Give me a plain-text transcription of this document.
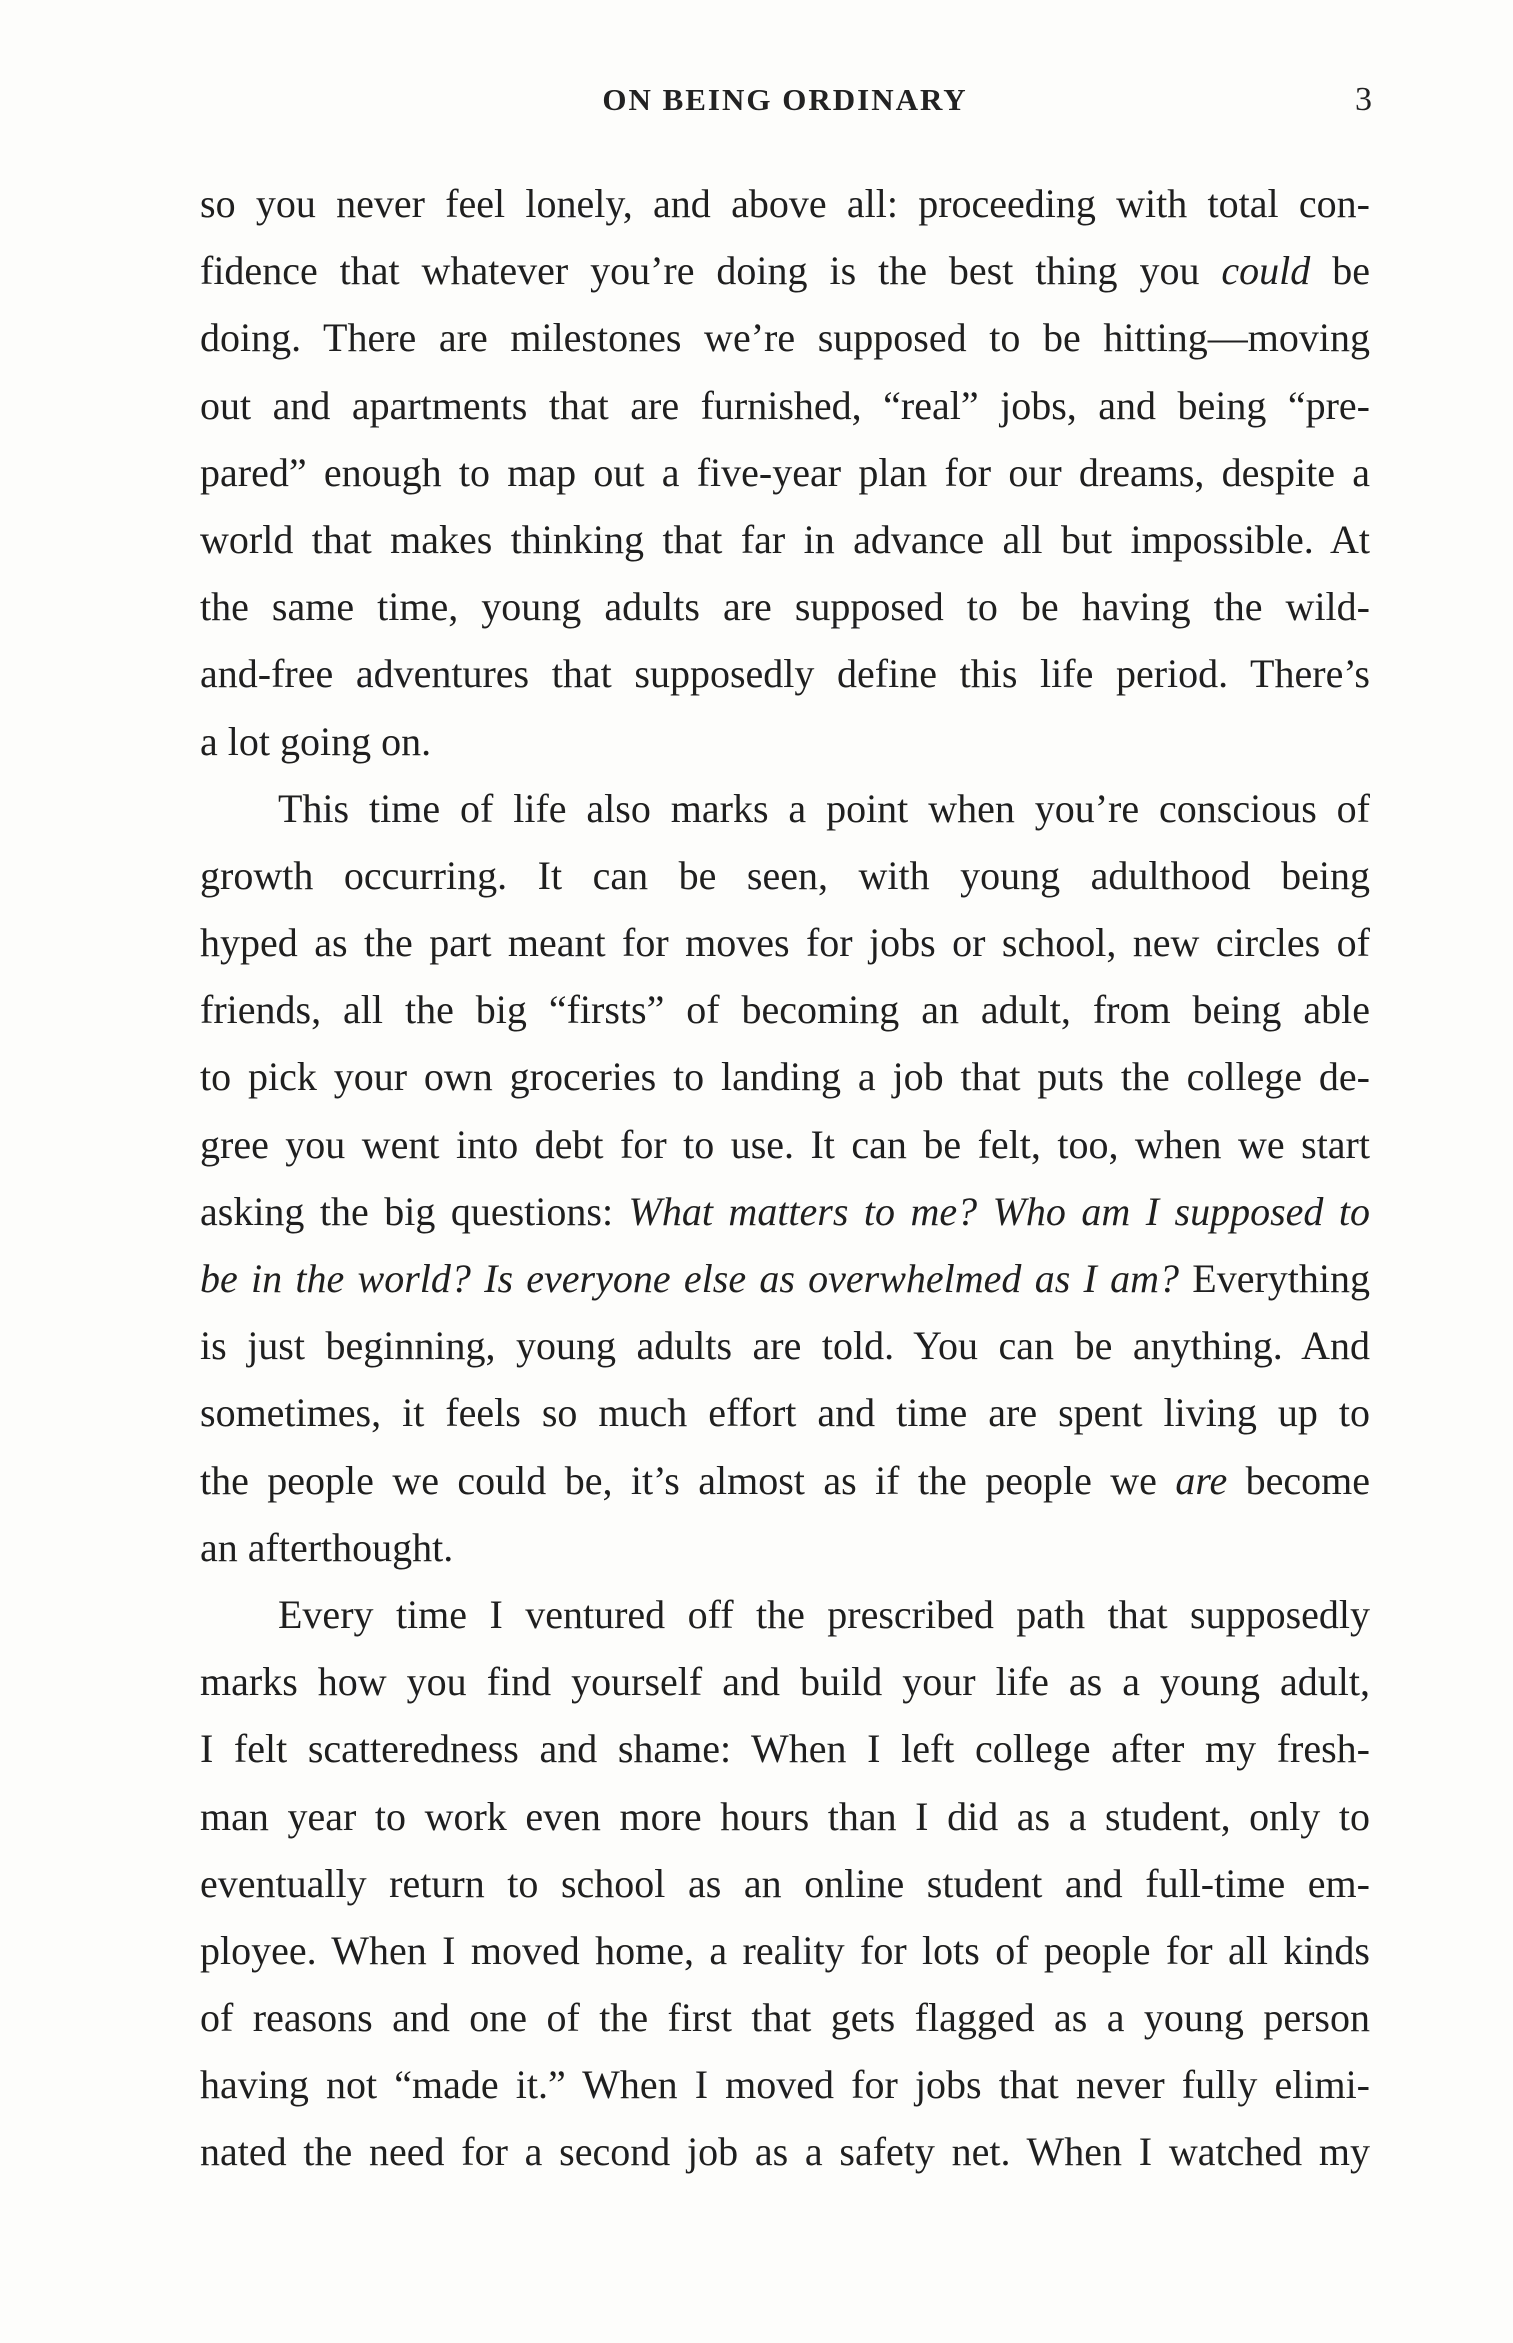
ON BEING ORDINARY	3
so you never feel lonely, and above all: proceeding with total con-
fidence that whatever you’re doing is the best thing you could be
doing. There are milestones we’re supposed to be hitting—moving
out and apartments that are furnished, “real” jobs, and being “pre-
pared” enough to map out a five-year plan for our dreams, despite a
world that makes thinking that far in advance all but impossible. At
the same time, young adults are supposed to be having the wild-
and-free adventures that supposedly define this life period. There’s
a lot going on.
This time of life also marks a point when you’re conscious of
growth occurring. It can be seen, with young adulthood being
hyped as the part meant for moves for jobs or school, new circles of
friends, all the big “firsts” of becoming an adult, from being able
to pick your own groceries to landing a job that puts the college de-
gree you went into debt for to use. It can be felt, too, when we start
asking the big questions: What matters to me? Who am I supposed to
be in the world? Is everyone else as overwhelmed as I am? Everything
is just beginning, young adults are told. You can be anything. And
sometimes, it feels so much effort and time are spent living up to
the people we could be, it’s almost as if the people we are become
an afterthought.
Every time I ventured off the prescribed path that supposedly
marks how you find yourself and build your life as a young adult,
I felt scatteredness and shame: When I left college after my fresh-
man year to work even more hours than I did as a student, only to
eventually return to school as an online student and full-time em-
ployee. When I moved home, a reality for lots of people for all kinds
of reasons and one of the first that gets flagged as a young person
having not “made it.” When I moved for jobs that never fully elimi-
nated the need for a second job as a safety net. When I watched my
